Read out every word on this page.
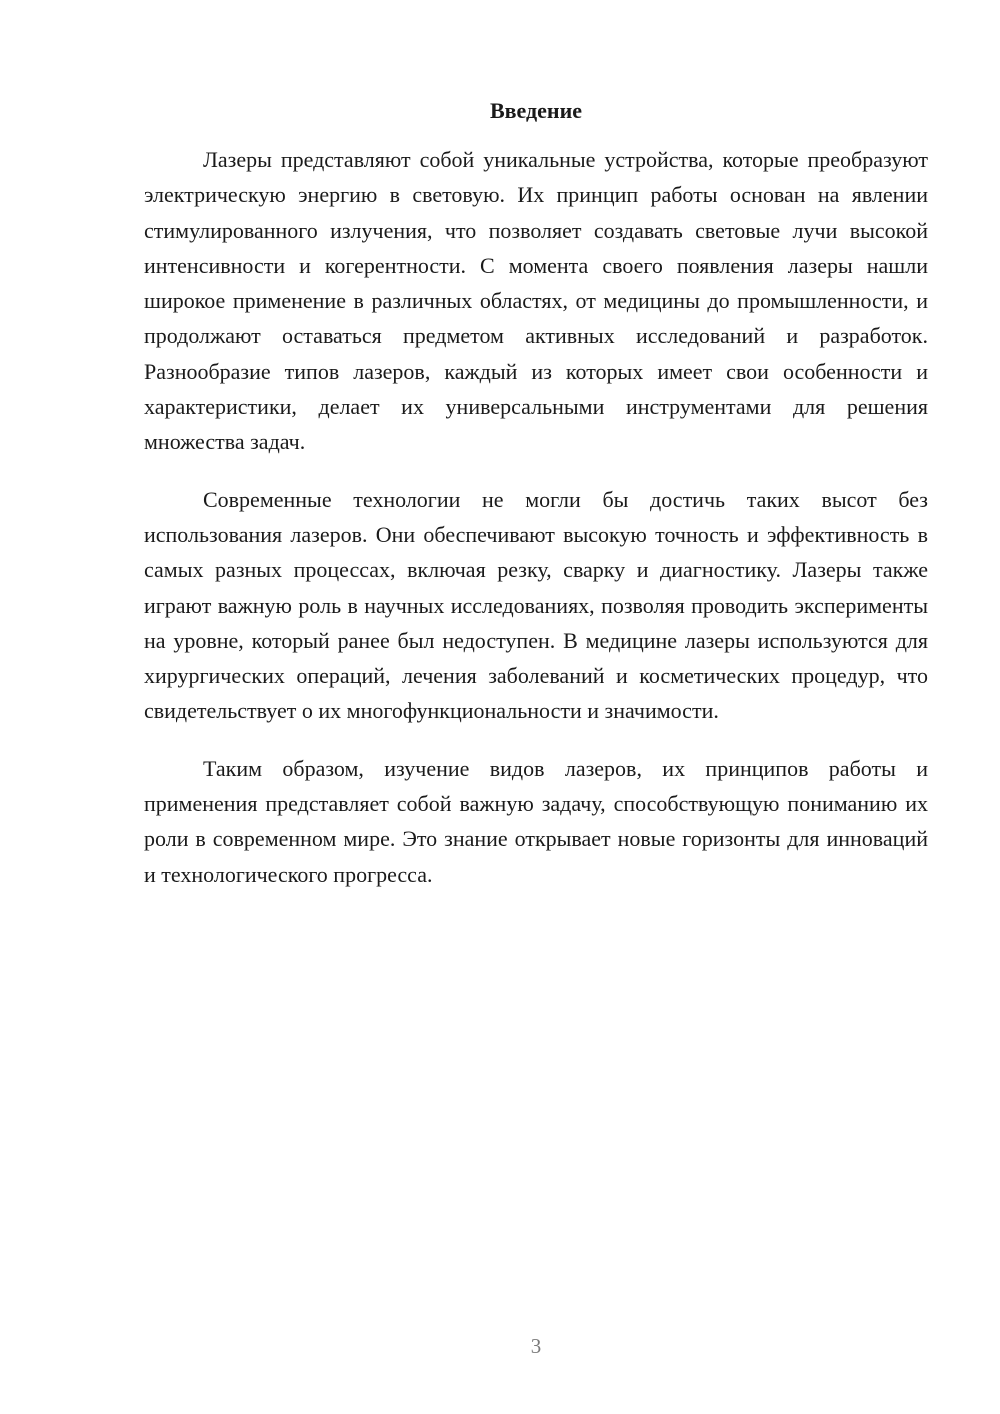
Введение

Лазеры представляют собой уникальные устройства, которые преобразуют электрическую энергию в световую. Их принцип работы основан на явлении стимулированного излучения, что позволяет создавать световые лучи высокой интенсивности и когерентности. С момента своего появления лазеры нашли широкое применение в различных областях, от медицины до промышленности, и продолжают оставаться предметом активных исследований и разработок. Разнообразие типов лазеров, каждый из которых имеет свои особенности и характеристики, делает их универсальными инструментами для решения множества задач.

Современные технологии не могли бы достичь таких высот без использования лазеров. Они обеспечивают высокую точность и эффективность в самых разных процессах, включая резку, сварку и диагностику. Лазеры также играют важную роль в научных исследованиях, позволяя проводить эксперименты на уровне, который ранее был недоступен. В медицине лазеры используются для хирургических операций, лечения заболеваний и косметических процедур, что свидетельствует о их многофункциональности и значимости.

Таким образом, изучение видов лазеров, их принципов работы и применения представляет собой важную задачу, способствующую пониманию их роли в современном мире. Это знание открывает новые горизонты для инноваций и технологического прогресса.

3
